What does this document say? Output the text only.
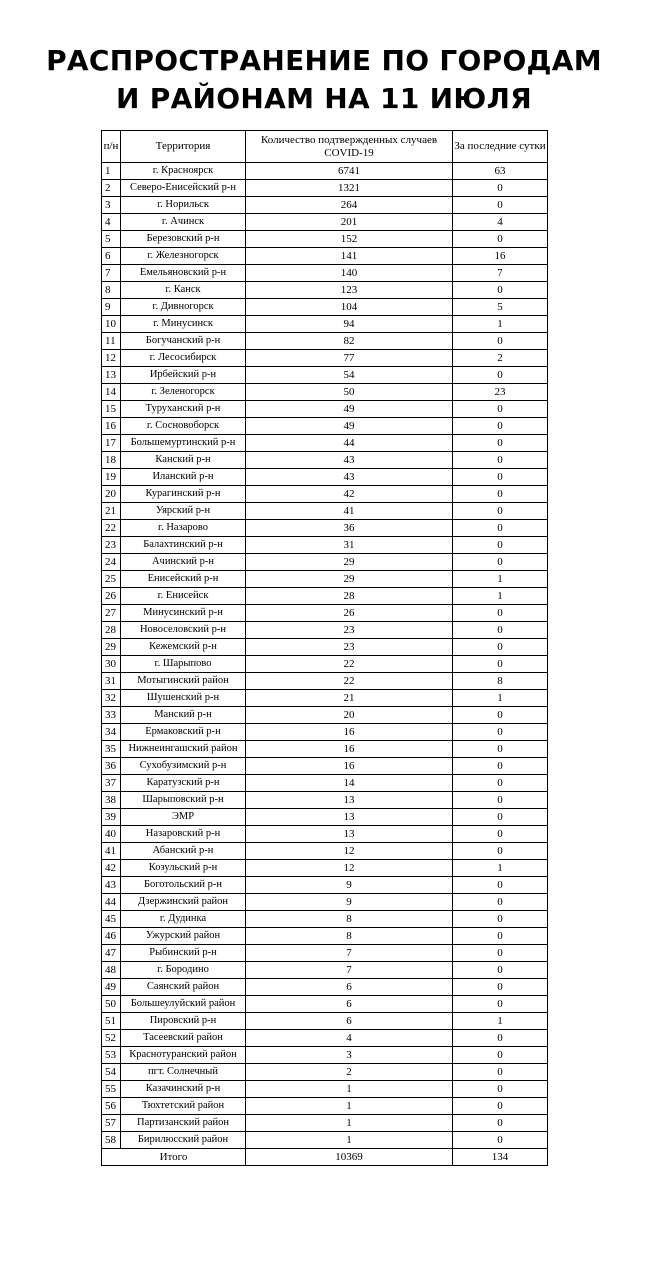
РАСПРОСТРАНЕНИЕ ПО ГОРОДАМ
И РАЙОНАМ НА 11 ИЮЛЯ
п/н	Территория	Количество подтвержденных случаев COVID-19	За последние сутки
1	г. Красноярск	6741	63
2	Северо-Енисейский р-н	1321	0
3	г. Норильск	264	0
4	г. Ачинск	201	4
5	Березовский р-н	152	0
6	г. Железногорск	141	16
7	Емельяновский р-н	140	7
8	г. Канск	123	0
9	г. Дивногорск	104	5
10	г. Минусинск	94	1
11	Богучанский р-н	82	0
12	г. Лесосибирск	77	2
13	Ирбейский р-н	54	0
14	г. Зеленогорск	50	23
15	Туруханский р-н	49	0
16	г. Сосновоборск	49	0
17	Большемуртинский р-н	44	0
18	Канский р-н	43	0
19	Иланский р-н	43	0
20	Курагинский р-н	42	0
21	Уярский р-н	41	0
22	г. Назарово	36	0
23	Балахтинский р-н	31	0
24	Ачинский р-н	29	0
25	Енисейский р-н	29	1
26	г. Енисейск	28	1
27	Минусинский р-н	26	0
28	Новоселовский р-н	23	0
29	Кежемский р-н	23	0
30	г. Шарыпово	22	0
31	Мотыгинский район	22	8
32	Шушенский р-н	21	1
33	Манский р-н	20	0
34	Ермаковский р-н	16	0
35	Нижнеингашский район	16	0
36	Сухобузимский р-н	16	0
37	Каратузский р-н	14	0
38	Шарыповский р-н	13	0
39	ЭМР	13	0
40	Назаровский р-н	13	0
41	Абанский р-н	12	0
42	Козульский р-н	12	1
43	Боготольский р-н	9	0
44	Дзержинский район	9	0
45	г. Дудинка	8	0
46	Ужурский район	8	0
47	Рыбинский р-н	7	0
48	г. Бородино	7	0
49	Саянский район	6	0
50	Большеулуйский район	6	0
51	Пировский р-н	6	1
52	Тасеевский район	4	0
53	Краснотуранский район	3	0
54	пгт. Солнечный	2	0
55	Казачинский р-н	1	0
56	Тюхтетский район	1	0
57	Партизанский район	1	0
58	Бирилюсский район	1	0
Итого		10369	134
